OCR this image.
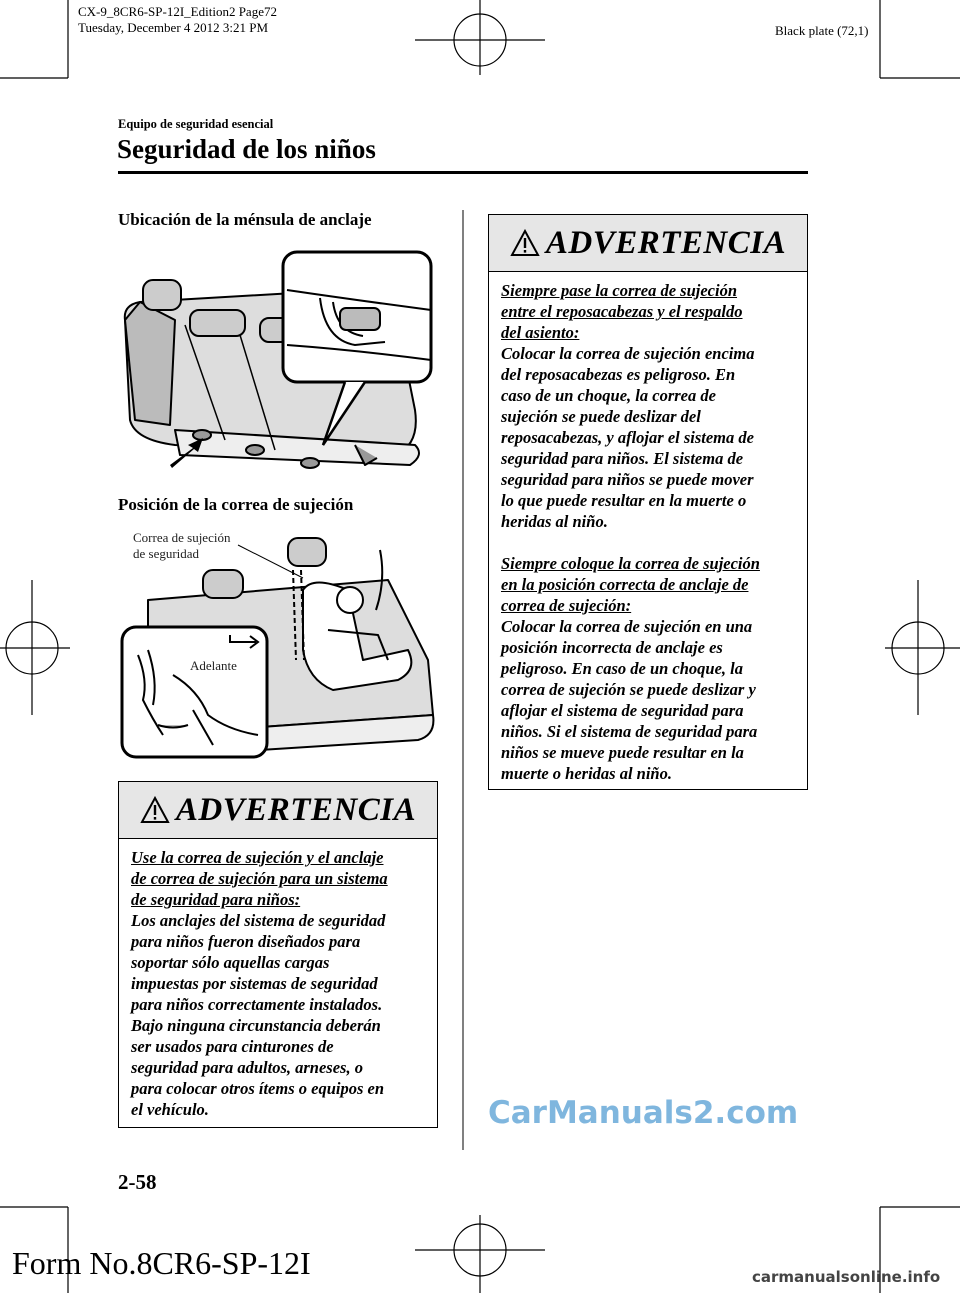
CX-9_8CR6-SP-12I_Edition2 Page72
Tuesday, December 4 2012 3:21 PM	Black plate (72,1)
Equipo de seguridad esencial
Seguridad de los niños
Ubicación de la ménsula de anclaje
Posición de la correa de sujeción
Correa de sujeción
de seguridad
Adelante
ADVERTENCIA

Use la correa de sujeción y el anclaje

de correa de sujeción para un sistema

de seguridad para niños:

Los anclajes del sistema de seguridad

para niños fueron diseñados para

soportar sólo aquellas cargas

impuestas por sistemas de seguridad

para niños correctamente instalados.

Bajo ninguna circunstancia deberán

ser usados para cinturones de

seguridad para adultos, arneses, o

para colocar otros ítems o equipos en

el vehículo.

ADVERTENCIA

Siempre pase la correa de sujeción

entre el reposacabezas y el respaldo

del asiento:

Colocar la correa de sujeción encima

del reposacabezas es peligroso. En

caso de un choque, la correa de

sujeción se puede deslizar del

reposacabezas, y aflojar el sistema de

seguridad para niños. El sistema de

seguridad para niños se puede mover

lo que puede resultar en la muerte o

heridas al niño.

Siempre coloque la correa de sujeción

en la posición correcta de anclaje de

correa de sujeción:

Colocar la correa de sujeción en una

posición incorrecta de anclaje es

peligroso. En caso de un choque, la

correa de sujeción se puede deslizar y

aflojar el sistema de seguridad para

niños. Si el sistema de seguridad para

niños se mueve puede resultar en la

muerte o heridas al niño.

CarManuals2.com
2-58
Form No.8CR6-SP-12I	carmanualsonline.info
